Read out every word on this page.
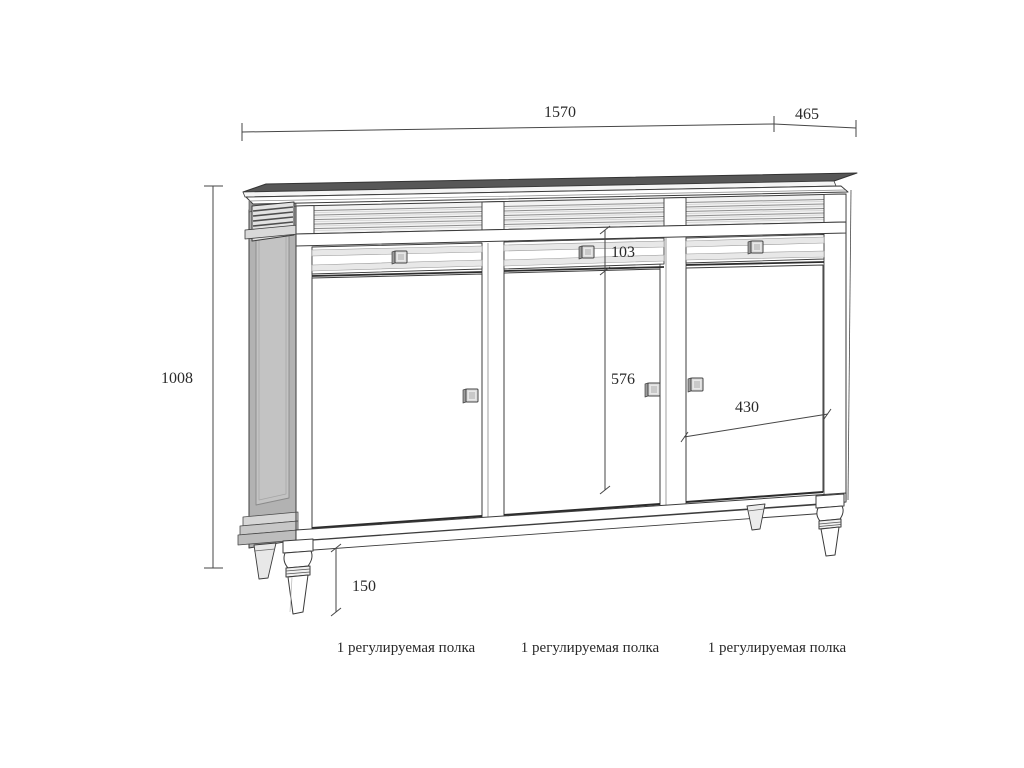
1570	465
1008
103
576
430
150
1 регулируемая полка	1 регулируемая полка	1 регулируемая полка
